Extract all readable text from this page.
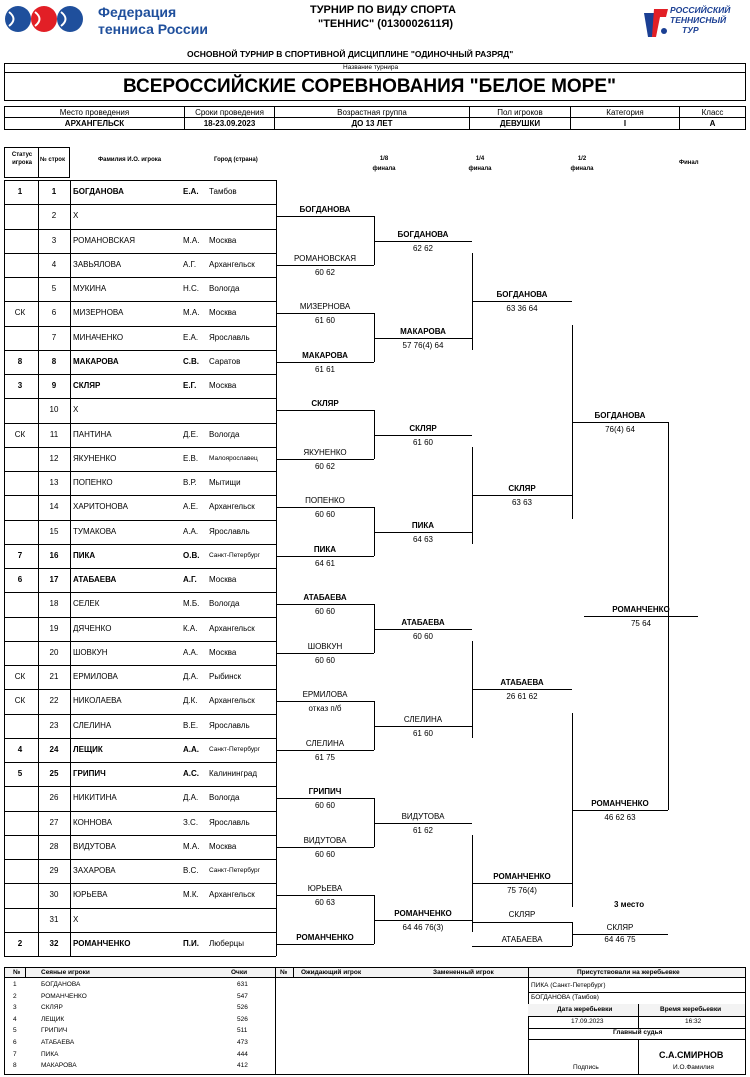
Федерация
тенниса России
ТУРНИР ПО ВИДУ СПОРТА
"ТЕННИС" (0130002611Я)
РОССИЙСКИЙ
ТЕННИСНЫЙ
ТУР
ОСНОВНОЙ ТУРНИР В СПОРТИВНОЙ ДИСЦИПЛИНЕ "ОДИНОЧНЫЙ РАЗРЯД"
Название турнира
ВСЕРОССИЙСКИЕ СОРЕВНОВАНИЯ "БЕЛОЕ МОРЕ"
Место проведения
АРХАНГЕЛЬСК
Сроки проведения
18-23.09.2023
Возрастная группа
ДО 13 ЛЕТ
Пол игроков
ДЕВУШКИ
Категория
I
Класс
А
Статус игрока	№ строк	Фамилия И.О. игрока	Город (страна)	1/8 финала
1/4 финала
1/2 финала
Финал
1	1	БОГДАНОВА	Е.А. Тамбов
2	Х
3	РОМАНОВСКАЯ	М.А. Москва
4	ЗАВЬЯЛОВА	А.Г. Архангельск
5	МУКИНА	Н.С. Вологда
СК	6	МИЗЕРНОВА	М.А. Москва
7	МИНАЧЕНКО	Е.А. Ярославль
8	8	МАКАРОВА	С.В. Саратов
3	9	СКЛЯР	Е.Г. Москва
10	Х
СК	11	ПАНТИНА	Д.Е. Вологда
12	ЯКУНЕНКО	Е.В. Малоярославец
13	ПОПЕНКО	В.Р. Мытищи
14	ХАРИТОНОВА	А.Е. Архангельск
15	ТУМАКОВА	А.А. Ярославль
7	16	ПИКА	О.В. Санкт-Петербург
6	17	АТАБАЕВА	А.Г. Москва
18	СЕЛЕК	М.Б. Вологда
19	ДЯЧЕНКО	К.А. Архангельск
20	ШОВКУН	А.А. Москва
СК	21	ЕРМИЛОВА	Д.А. Рыбинск
СК	22	НИКОЛАЕВА	Д.К. Архангельск
23	СЛЕЛИНА	В.Е. Ярославль
4	24	ЛЕЩИК	А.А. Санкт-Петербург
5	25	ГРИПИЧ	А.С. Калининград
26	НИКИТИНА	Д.А. Вологда
27	КОННОВА	З.С. Ярославль
28	ВИДУТОВА	М.А. Москва
29	ЗАХАРОВА	В.С. Санкт-Петербург
30	ЮРЬЕВА	М.К. Архангельск
31	Х
2	32	РОМАНЧЕНКО	П.И. Люберцы
БОГДАНОВА
РОМАНОВСКАЯ
60 62
МИЗЕРНОВА
61 60
МАКАРОВА
61 61
СКЛЯР
ЯКУНЕНКО
60 62
ПОПЕНКО
60 60
ПИКА
64 61
АТАБАЕВА
60 60
ШОВКУН
60 60
ЕРМИЛОВА
отказ п/б
СЛЕЛИНА
61 75
ГРИПИЧ
60 60
ВИДУТОВА
60 60
ЮРЬЕВА
60 63
РОМАНЧЕНКО
БОГДАНОВА
62 62
МАКАРОВА
57 76(4) 64
СКЛЯР
61 60
ПИКА
64 63
АТАБАЕВА
60 60
СЛЕЛИНА
61 60
ВИДУТОВА
61 62
РОМАНЧЕНКО
64 46 76(3)
БОГДАНОВА
63 36 64
СКЛЯР
63 63
АТАБАЕВА
26 61 62
РОМАНЧЕНКО
75 76(4)
БОГДАНОВА
76(4) 64
РОМАНЧЕНКО
46 62 63
РОМАНЧЕНКО
75 64
3 место
СКЛЯР
АТАБАЕВА
СКЛЯР
64 46 75
№	Сеяные игроки	Очки	№ Ожидающий игрок	Замененный игрок	Присутствовали на жеребьевке
1	БОГДАНОВА	631
2	РОМАНЧЕНКО	547
3	СКЛЯР	526
4	ЛЕЩИК	526
5	ГРИПИЧ	511
6	АТАБАЕВА	473
7	ПИКА	444
8	МАКАРОВА	412
ПИКА (Санкт-Петербург)
БОГДАНОВА (Тамбов)
Дата жеребьевки	Время жеребьевки
17.09.2023	16:32
Главный судья
С.А.СМИРНОВ
Подпись	И.О.Фамилия
